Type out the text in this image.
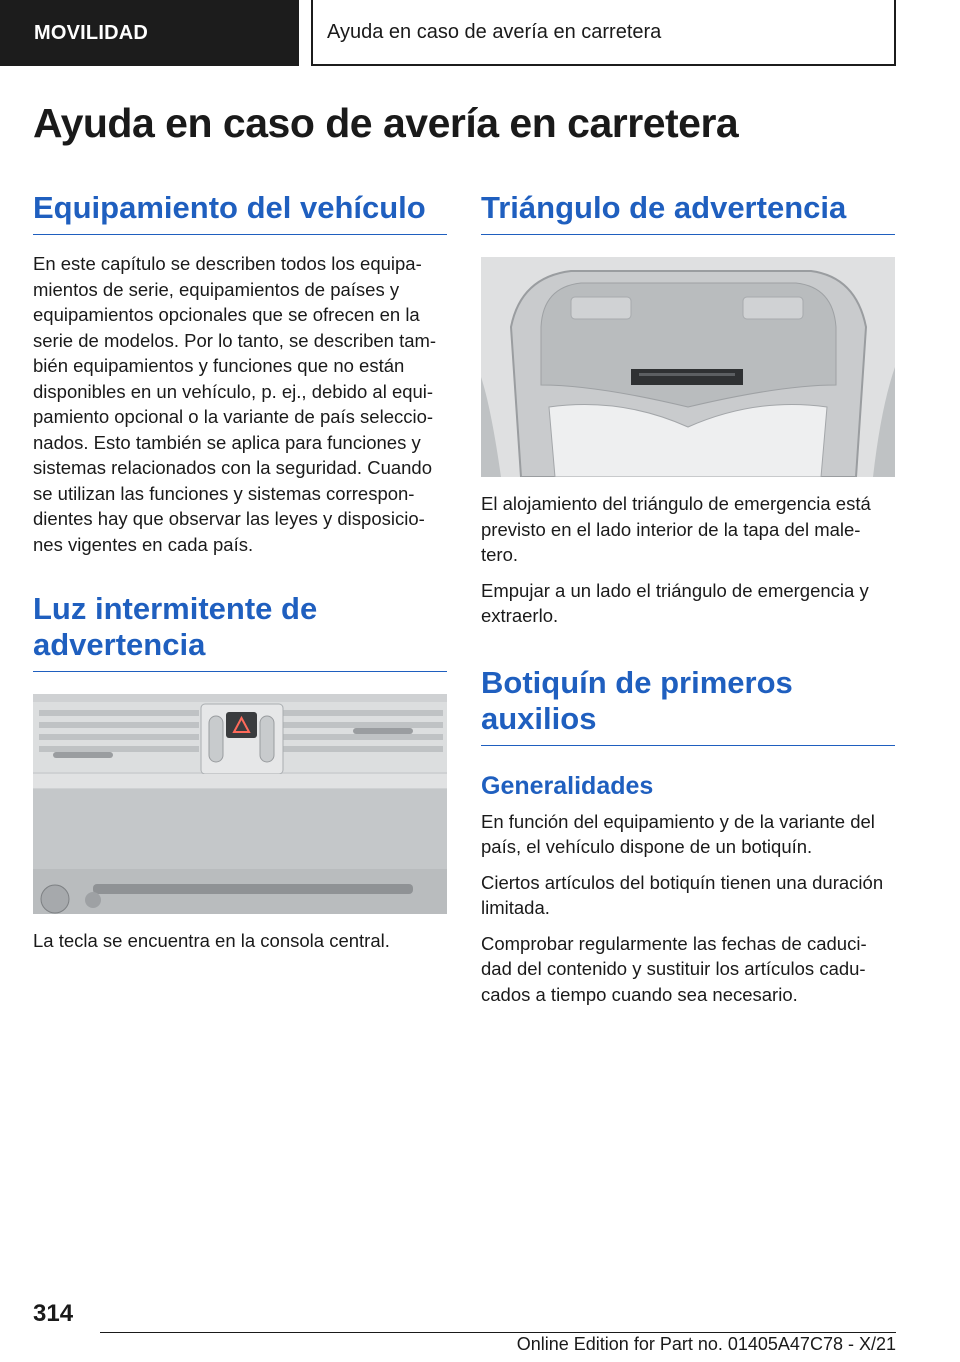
MOVILIDAD	Ayuda en caso de avería en carretera
Ayuda en caso de avería en carretera
Equipamiento del vehículo

En este capítulo se describen todos los equipa-
mientos de serie, equipamientos de países y
equipamientos opcionales que se ofrecen en la
serie de modelos. Por lo tanto, se describen tam-
bién equipamientos y funciones que no están
disponibles en un vehículo, p. ej., debido al equi-
pamiento opcional o la variante de país seleccio-
nados. Esto también se aplica para funciones y
sistemas relacionados con la seguridad. Cuando
se utilizan las funciones y sistemas correspon-
dientes hay que observar las leyes y disposicio-
nes vigentes en cada país.

Luz intermitente de
advertencia

La tecla se encuentra en la consola central.

Triángulo de advertencia

El alojamiento del triángulo de emergencia está
previsto en el lado interior de la tapa del male-
tero.

Empujar a un lado el triángulo de emergencia y
extraerlo.

Botiquín de primeros
auxilios
Generalidades

En función del equipamiento y de la variante del
país, el vehículo dispone de un botiquín.

Ciertos artículos del botiquín tienen una duración
limitada.

Comprobar regularmente las fechas de caduci-
dad del contenido y sustituir los artículos cadu-
cados a tiempo cuando sea necesario.

314
Online Edition for Part no. 01405A47C78 - X/21
